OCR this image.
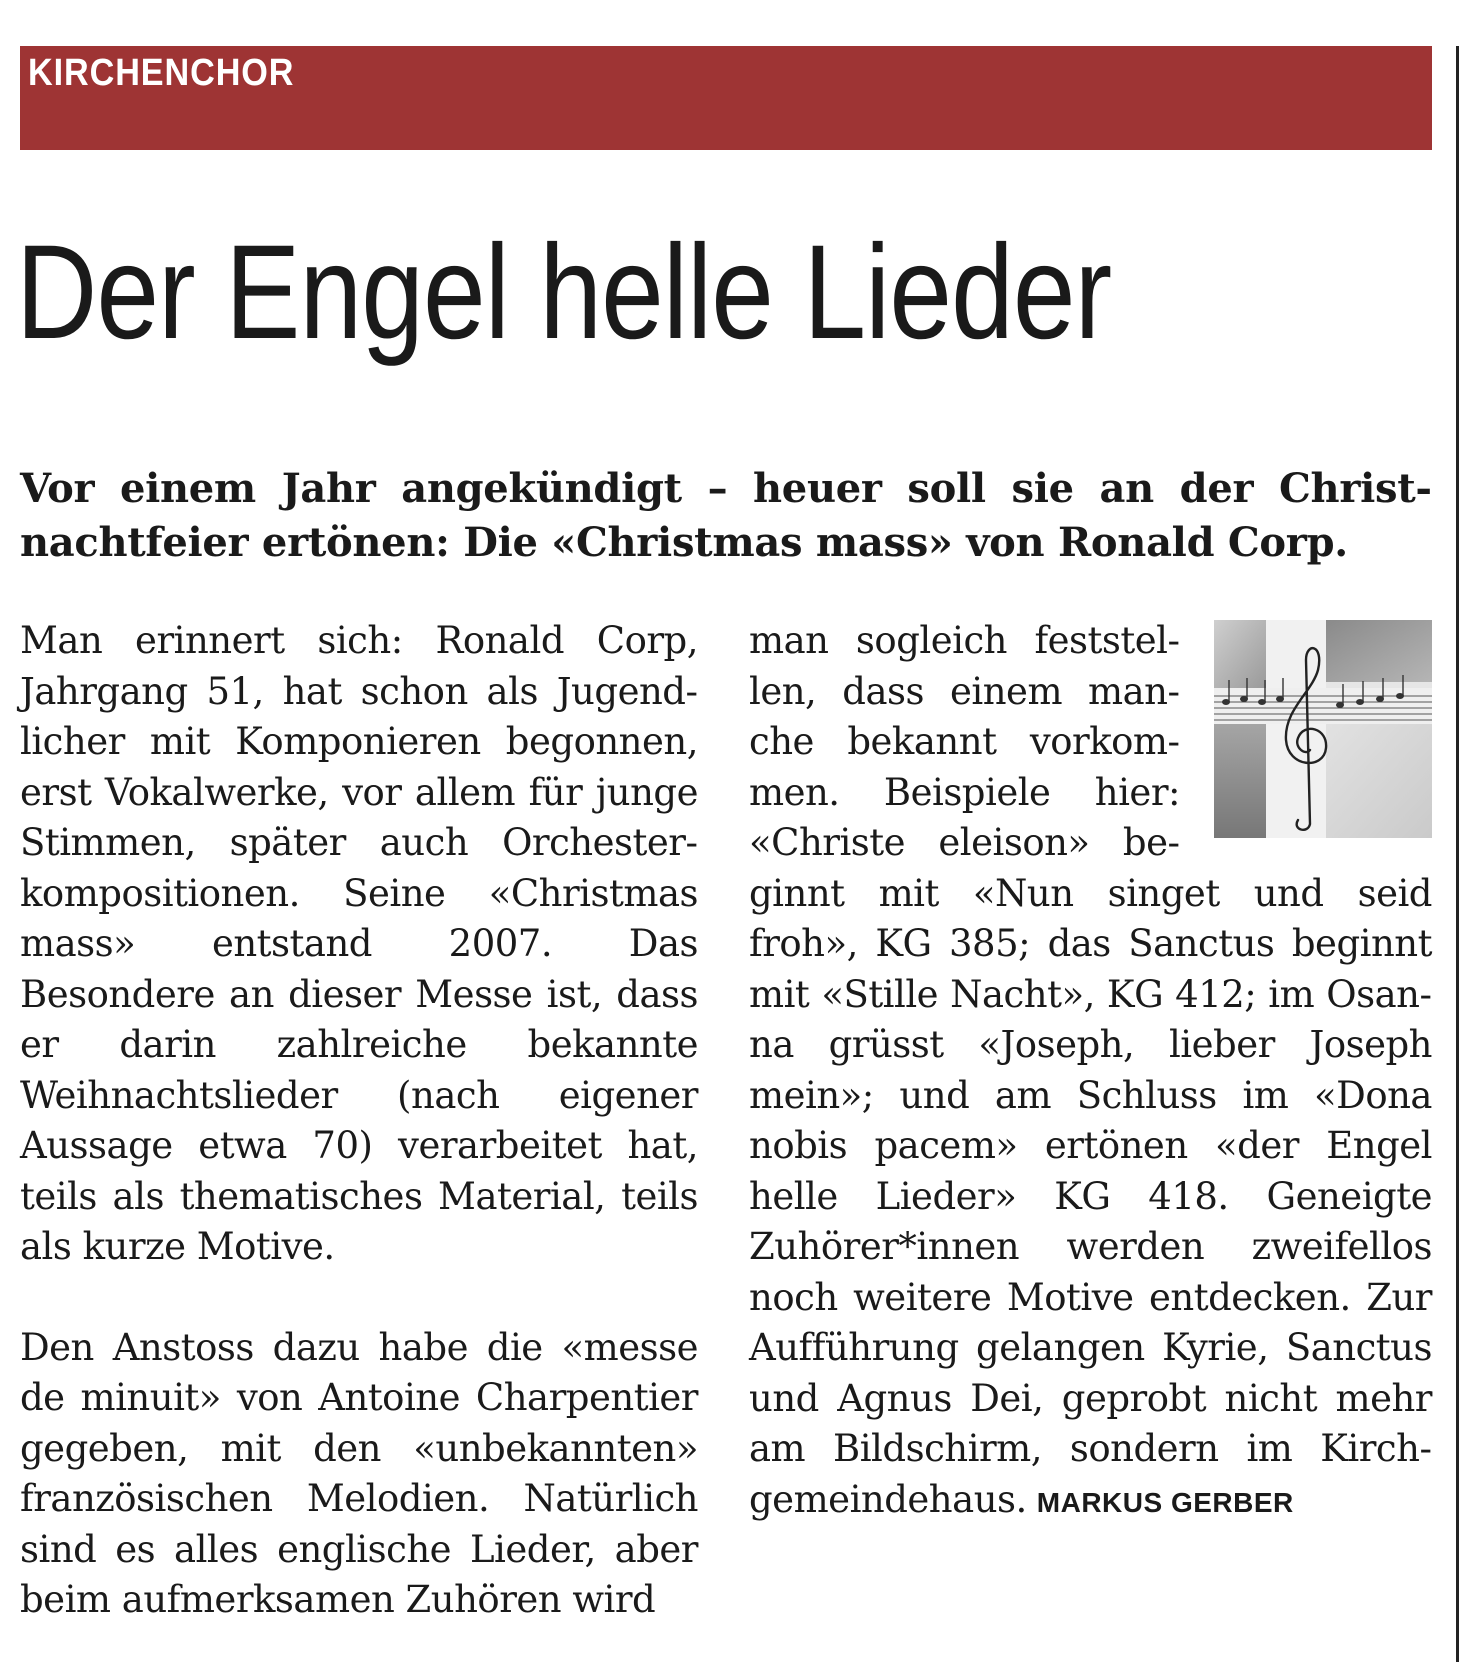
KIRCHENCHOR
Der Engel helle Lieder
Vor einem Jahr angekündigt – heuer soll sie an der Christnachtfeier ertönen: Die «Christmas mass» von Ronald Corp.

Man erinnert sich: Ronald Corp, Jahrgang 51, hat schon als Jugendlicher mit Komponieren begonnen, erst Vokalwerke, vor allem für junge Stimmen, später auch Orchesterkompositionen. Seine «Christmas mass» entstand 2007. Das Besondere an dieser Messe ist, dass er darin zahlreiche bekannte Weihnachtslieder (nach eigener Aussage etwa 70) verarbeitet hat, teils als thematisches Material, teils als kurze Motive.

Den Anstoss dazu habe die «messe de minuit» von Antoine Charpentier gegeben, mit den «unbekannten» französischen Melodien. Natürlich sind es alles englische Lieder, aber beim aufmerksamen Zuhören wird

man sogleich feststellen, dass einem manche bekannt vorkommen. Beispiele hier: «Christe eleison» beginnt mit «Nun singet und seid froh», KG 385; das Sanctus beginnt mit «Stille Nacht», KG 412; im Osanna grüsst «Joseph, lieber Joseph mein»; und am Schluss im «Dona nobis pacem» ertönen «der Engel helle Lieder» KG 418. Geneigte Zuhörer*innen werden zweifellos noch weitere Motive entdecken. Zur Aufführung gelangen Kyrie, Sanctus und Agnus Dei, geprobt nicht mehr am Bildschirm, sondern im Kirchgemeindehaus. MARKUS GERBER
